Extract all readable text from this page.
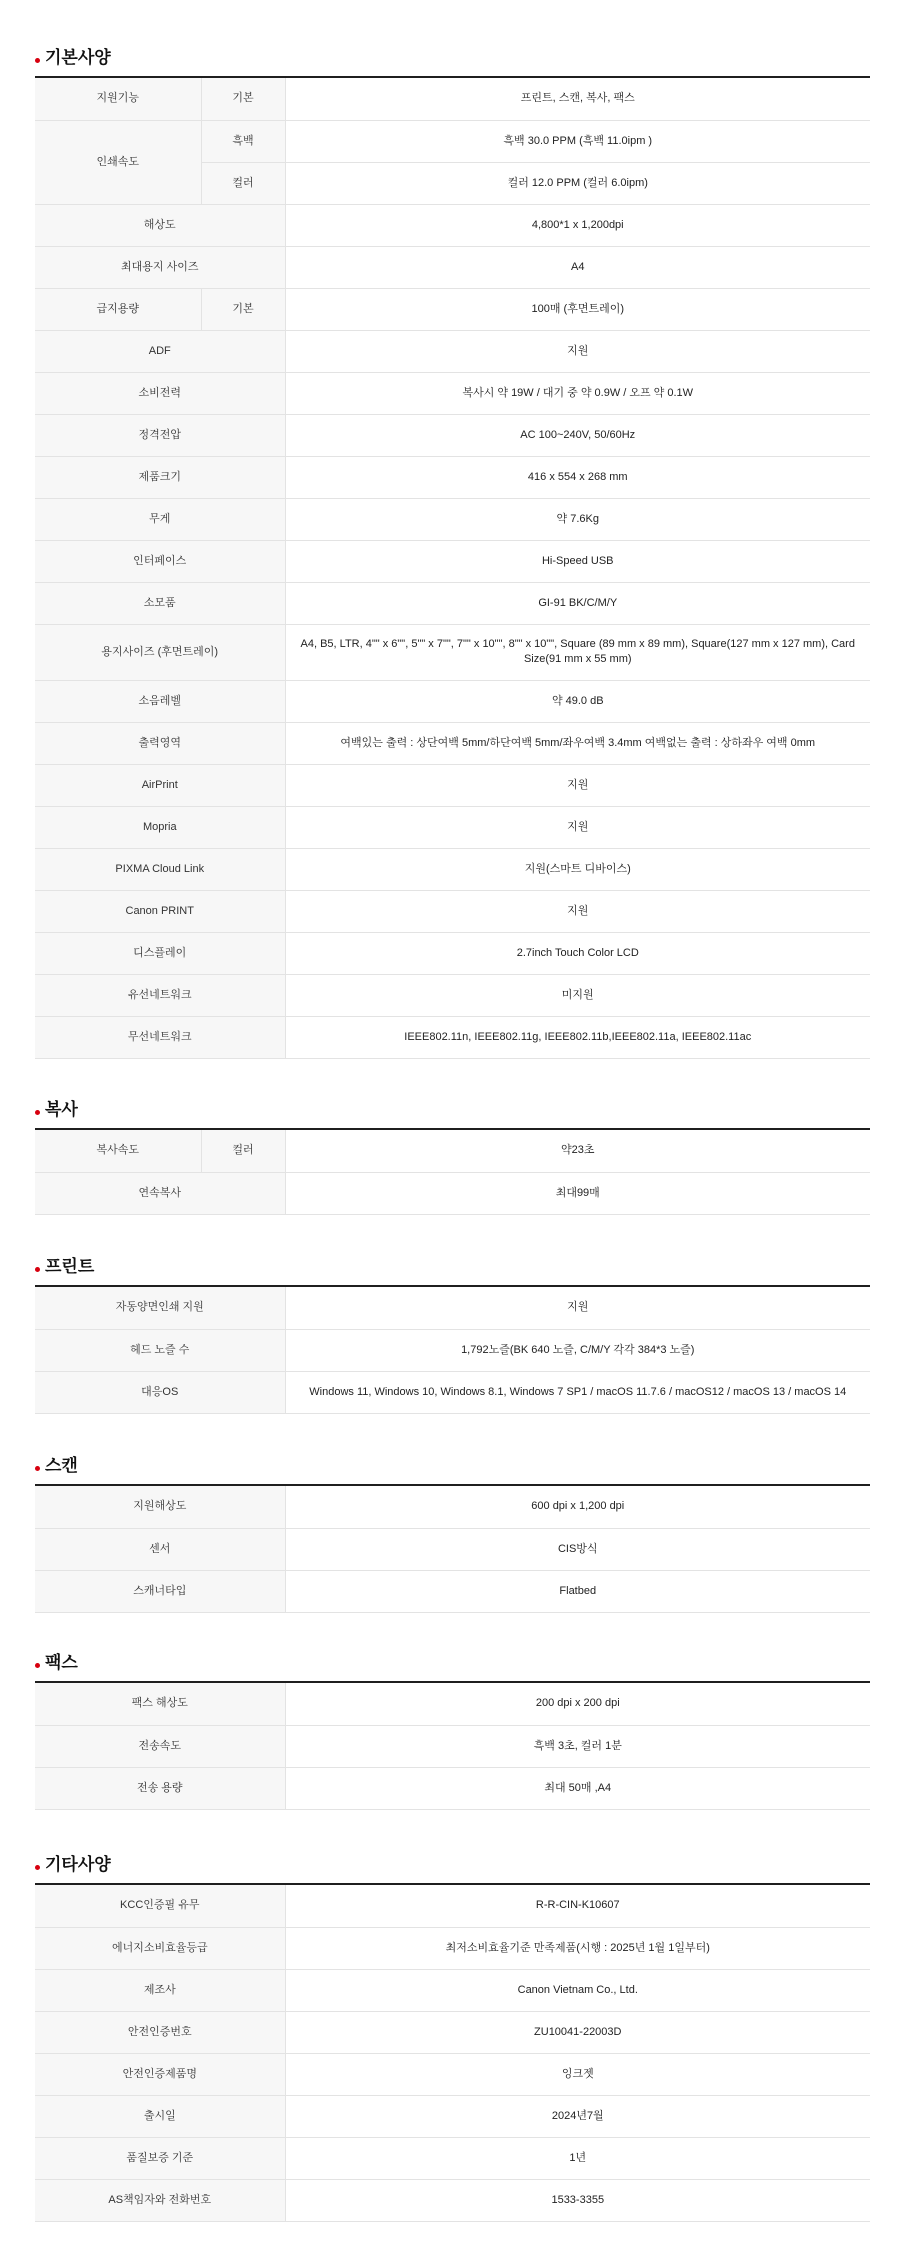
기본사양
지원기능	기본	프린트, 스캔, 복사, 팩스
인쇄속도	흑백	흑백 30.0 PPM (흑백 11.0ipm )
	컬러	컬러 12.0 PPM (컬러 6.0ipm)
해상도		4,800*1 x 1,200dpi
최대용지 사이즈		A4
급지용량	기본	100매 (후면트레이)
ADF		지원
소비전력		복사시 약 19W / 대기 중 약 0.9W / 오프 약 0.1W
정격전압		AC 100~240V, 50/60Hz
제품크기		416 x 554 x 268 mm
무게		약 7.6Kg
인터페이스		Hi-Speed USB
소모품		GI-91 BK/C/M/Y
용지사이즈 (후면트레이)		A4, B5, LTR, 4"" x 6"", 5"" x 7"", 7"" x 10"", 8"" x 10"", Square (89 mm x 89 mm), Square(127 mm x 127 mm), Card Size(91 mm x 55 mm)
소음레벨		약 49.0 dB
출력영역		여백있는 출력 : 상단여백 5mm/하단여백 5mm/좌우여백 3.4mm 여백없는 출력 : 상하좌우 여백 0mm
AirPrint		지원
Mopria		지원
PIXMA Cloud Link		지원(스마트 디바이스)
Canon PRINT		지원
디스플레이		2.7inch Touch Color LCD
유선네트워크		미지원
무선네트워크		IEEE802.11n, IEEE802.11g, IEEE802.11b,IEEE802.11a, IEEE802.11ac
복사
복사속도	컬러	약23초
연속복사		최대99매
프린트
자동양면인쇄 지원	지원
헤드 노즐 수	1,792노즐(BK 640 노즐, C/M/Y 각각 384*3 노즐)
대응OS	Windows 11, Windows 10, Windows 8.1, Windows 7 SP1 / macOS 11.7.6 / macOS12 / macOS 13 / macOS 14
스캔
지원해상도	600 dpi x 1,200 dpi
센서	CIS방식
스캐너타입	Flatbed
팩스
팩스 해상도	200 dpi x 200 dpi
전송속도	흑백 3초, 컬러 1분
전송 용량	최대 50매 ,A4
기타사양
KCC인증필 유무	R-R-CIN-K10607
에너지소비효율등급	최저소비효율기준 만족제품(시행 : 2025년 1월 1일부터)
제조사	Canon Vietnam Co., Ltd.
안전인증번호	ZU10041-22003D
안전인증제품명	잉크젯
출시일	2024년7월
품질보증 기준	1년
AS책임자와 전화번호	1533-3355
